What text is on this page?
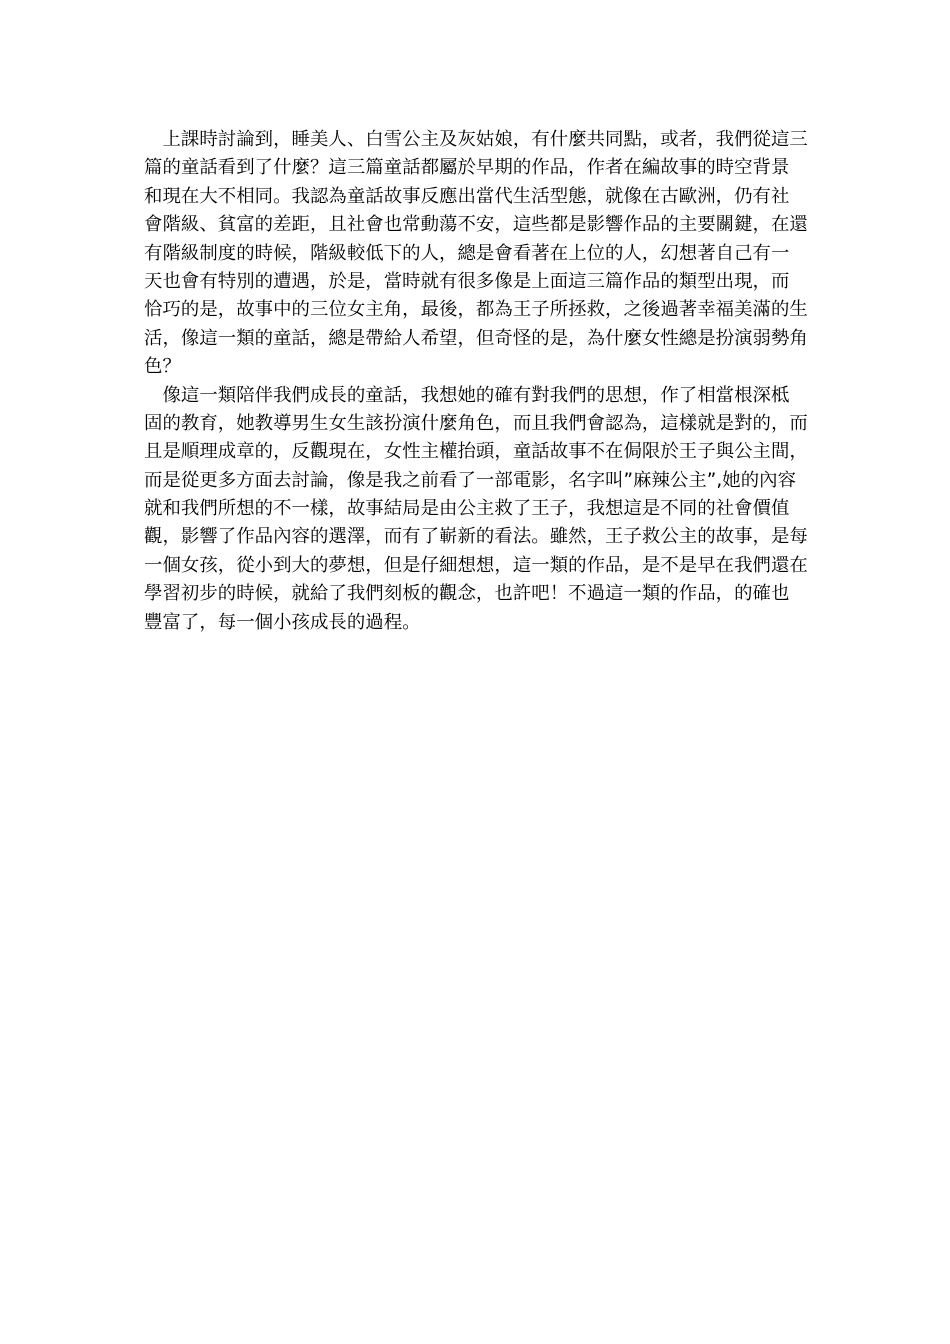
　上課時討論到，睡美人、白雪公主及灰姑娘，有什麼共同點，或者，我們從這三
篇的童話看到了什麼？這三篇童話都屬於早期的作品，作者在編故事的時空背景
和現在大不相同。我認為童話故事反應出當代生活型態，就像在古歐洲，仍有社
會階級、貧富的差距，且社會也常動蕩不安，這些都是影響作品的主要關鍵，在還
有階級制度的時候，階級較低下的人，總是會看著在上位的人，幻想著自己有一
天也會有特別的遭遇，於是，當時就有很多像是上面這三篇作品的類型出現，而
恰巧的是，故事中的三位女主角，最後，都為王子所拯救，之後過著幸福美滿的生
活，像這一類的童話，總是帶給人希望，但奇怪的是，為什麼女性總是扮演弱勢角
色？

　像這一類陪伴我們成長的童話，我想她的確有對我們的思想，作了相當根深柢
固的教育，她教導男生女生該扮演什麼角色，而且我們會認為，這樣就是對的，而
且是順理成章的，反觀現在，女性主權抬頭，童話故事不在侷限於王子與公主間，
而是從更多方面去討論，像是我之前看了一部電影，名字叫”麻辣公主”,她的內容
就和我們所想的不一樣，故事結局是由公主救了王子，我想這是不同的社會價值
觀，影響了作品內容的選澤，而有了嶄新的看法。雖然，王子救公主的故事，是每
一個女孩，從小到大的夢想，但是仔細想想，這一類的作品，是不是早在我們還在
學習初步的時候，就給了我們刻板的觀念，也許吧！不過這一類的作品，的確也
豐富了，每一個小孩成長的過程。
